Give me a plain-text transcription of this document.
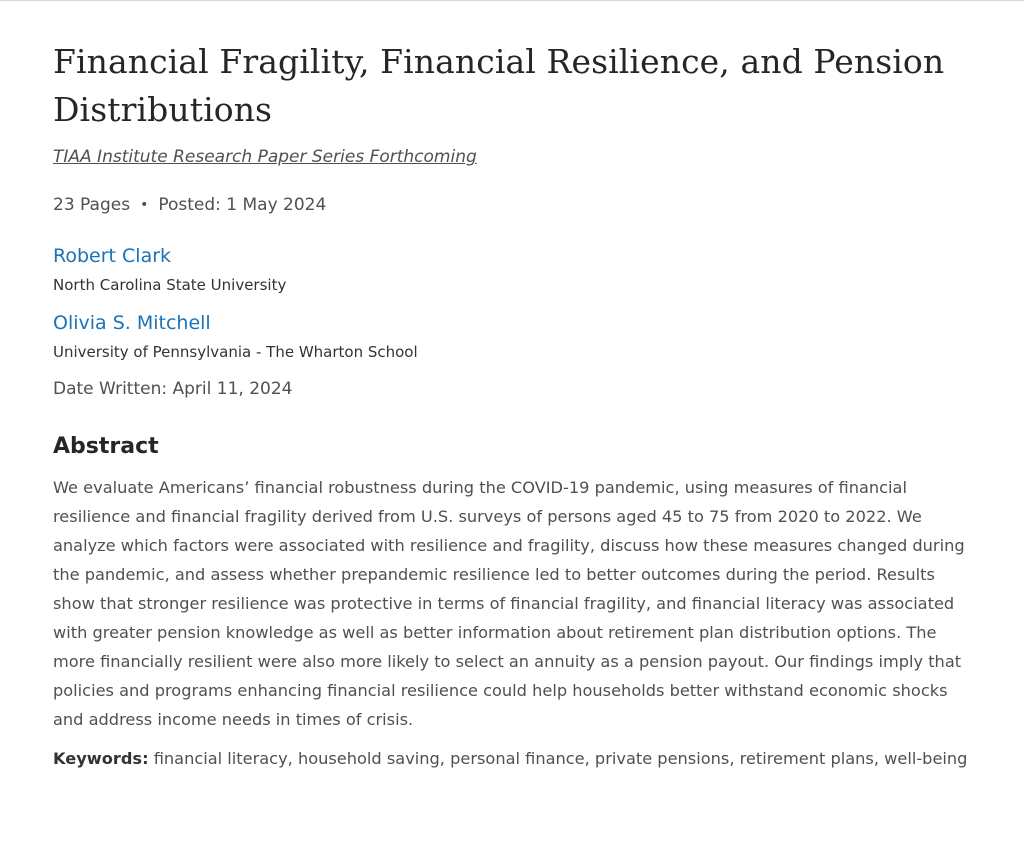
Financial Fragility, Financial Resilience, and Pension Distributions
TIAA Institute Research Paper Series Forthcoming
23 Pages • Posted: 1 May 2024
Robert Clark
North Carolina State University
Olivia S. Mitchell
University of Pennsylvania - The Wharton School
Date Written: April 11, 2024
Abstract

We evaluate Americans’ financial robustness during the COVID-19 pandemic, using measures of financial resilience and financial fragility derived from U.S. surveys of persons aged 45 to 75 from 2020 to 2022. We analyze which factors were associated with resilience and fragility, discuss how these measures changed during the pandemic, and assess whether prepandemic resilience led to better outcomes during the period. Results show that stronger resilience was protective in terms of financial fragility, and financial literacy was associated with greater pension knowledge as well as better information about retirement plan distribution options. The more financially resilient were also more likely to select an annuity as a pension payout. Our findings imply that policies and programs enhancing financial resilience could help households better withstand economic shocks and address income needs in times of crisis.

Keywords: financial literacy, household saving, personal finance, private pensions, retirement plans, well-being
